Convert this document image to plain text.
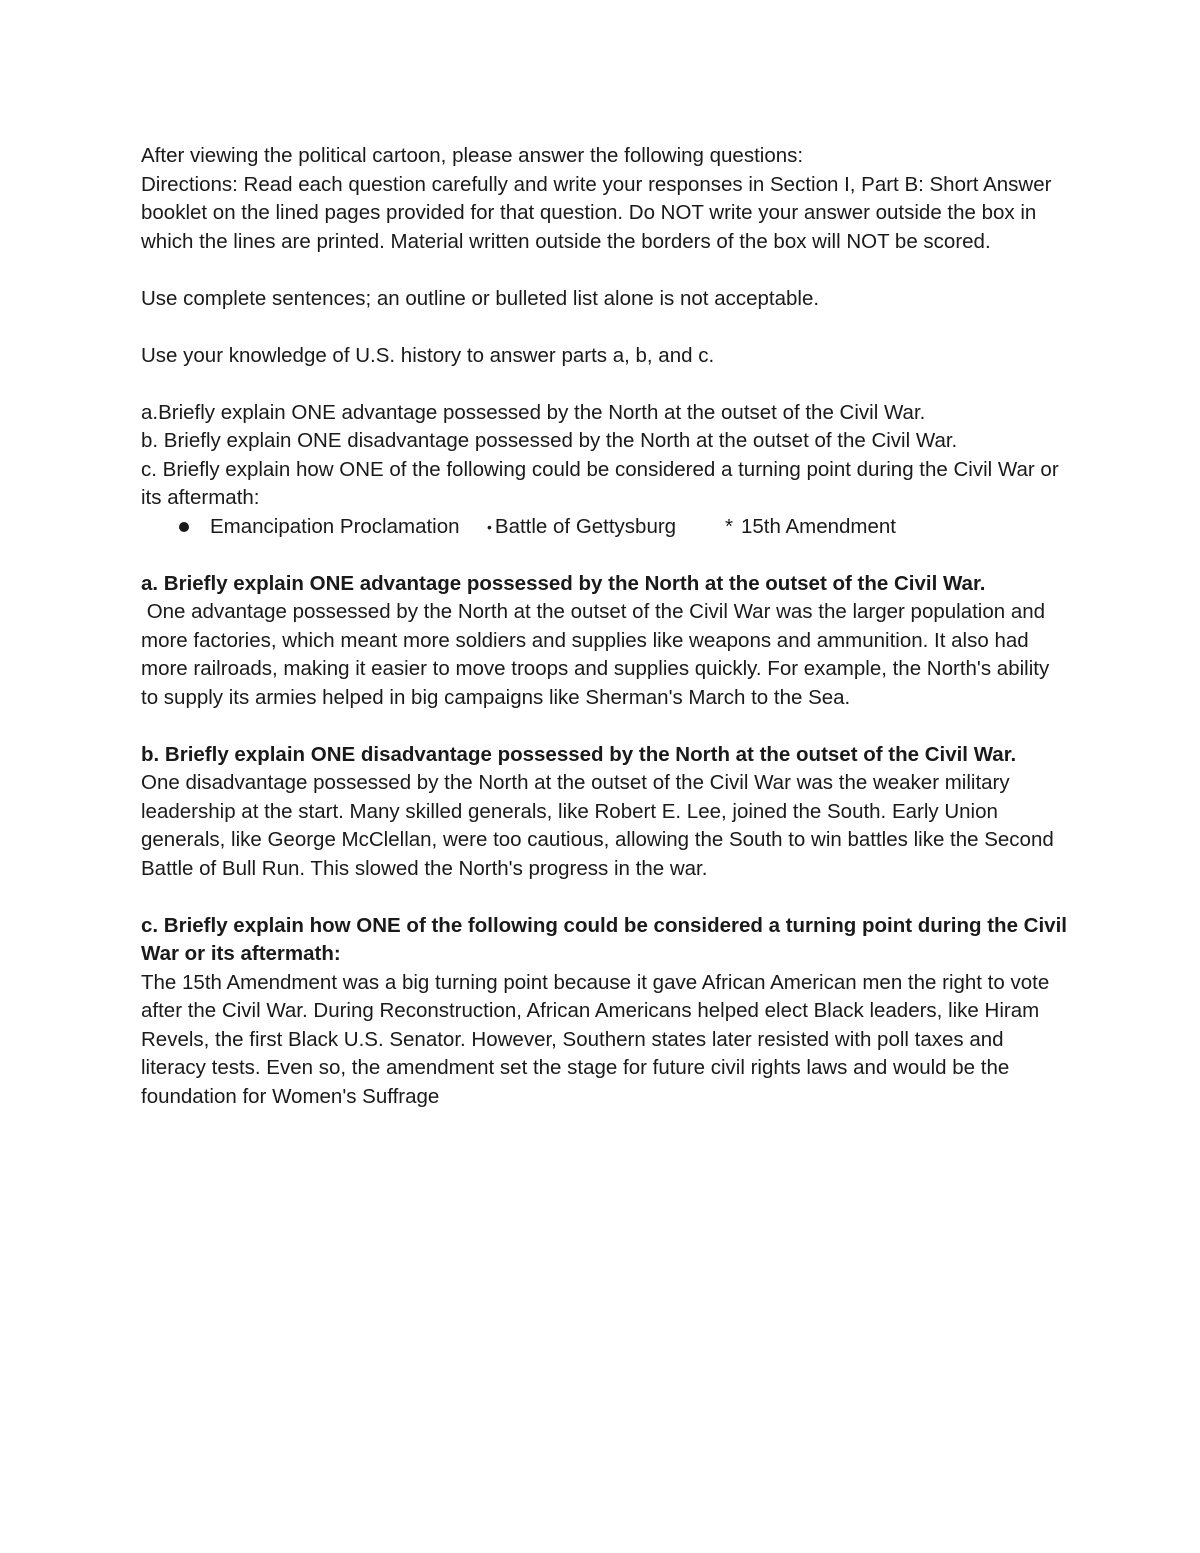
After viewing the political cartoon, please answer the following questions:

Directions: Read each question carefully and write your responses in Section I, Part B: Short Answer booklet on the lined pages provided for that question. Do NOT write your answer outside the box in which the lines are printed. Material written outside the borders of the box will NOT be scored.

Use complete sentences; an outline or bulleted list alone is not acceptable.

Use your knowledge of U.S. history to answer parts a, b, and c.

a.Briefly explain ONE advantage possessed by the North at the outset of the Civil War.

b. Briefly explain ONE disadvantage possessed by the North at the outset of the Civil War.

c. Briefly explain how ONE of the following could be considered a turning point during the Civil War or its aftermath:

Emancipation Proclamation • Battle of Gettysburg * 15th Amendment

a. Briefly explain ONE advantage possessed by the North at the outset of the Civil War.

One advantage possessed by the North at the outset of the Civil War was the larger population and more factories, which meant more soldiers and supplies like weapons and ammunition. It also had more railroads, making it easier to move troops and supplies quickly. For example, the North's ability to supply its armies helped in big campaigns like Sherman's March to the Sea.

b. Briefly explain ONE disadvantage possessed by the North at the outset of the Civil War.

One disadvantage possessed by the North at the outset of the Civil War was the weaker military leadership at the start. Many skilled generals, like Robert E. Lee, joined the South. Early Union generals, like George McClellan, were too cautious, allowing the South to win battles like the Second Battle of Bull Run. This slowed the North's progress in the war.

c. Briefly explain how ONE of the following could be considered a turning point during the Civil War or its aftermath:

The 15th Amendment was a big turning point because it gave African American men the right to vote after the Civil War. During Reconstruction, African Americans helped elect Black leaders, like Hiram Revels, the first Black U.S. Senator. However, Southern states later resisted with poll taxes and literacy tests. Even so, the amendment set the stage for future civil rights laws and would be the foundation for Women's Suffrage
